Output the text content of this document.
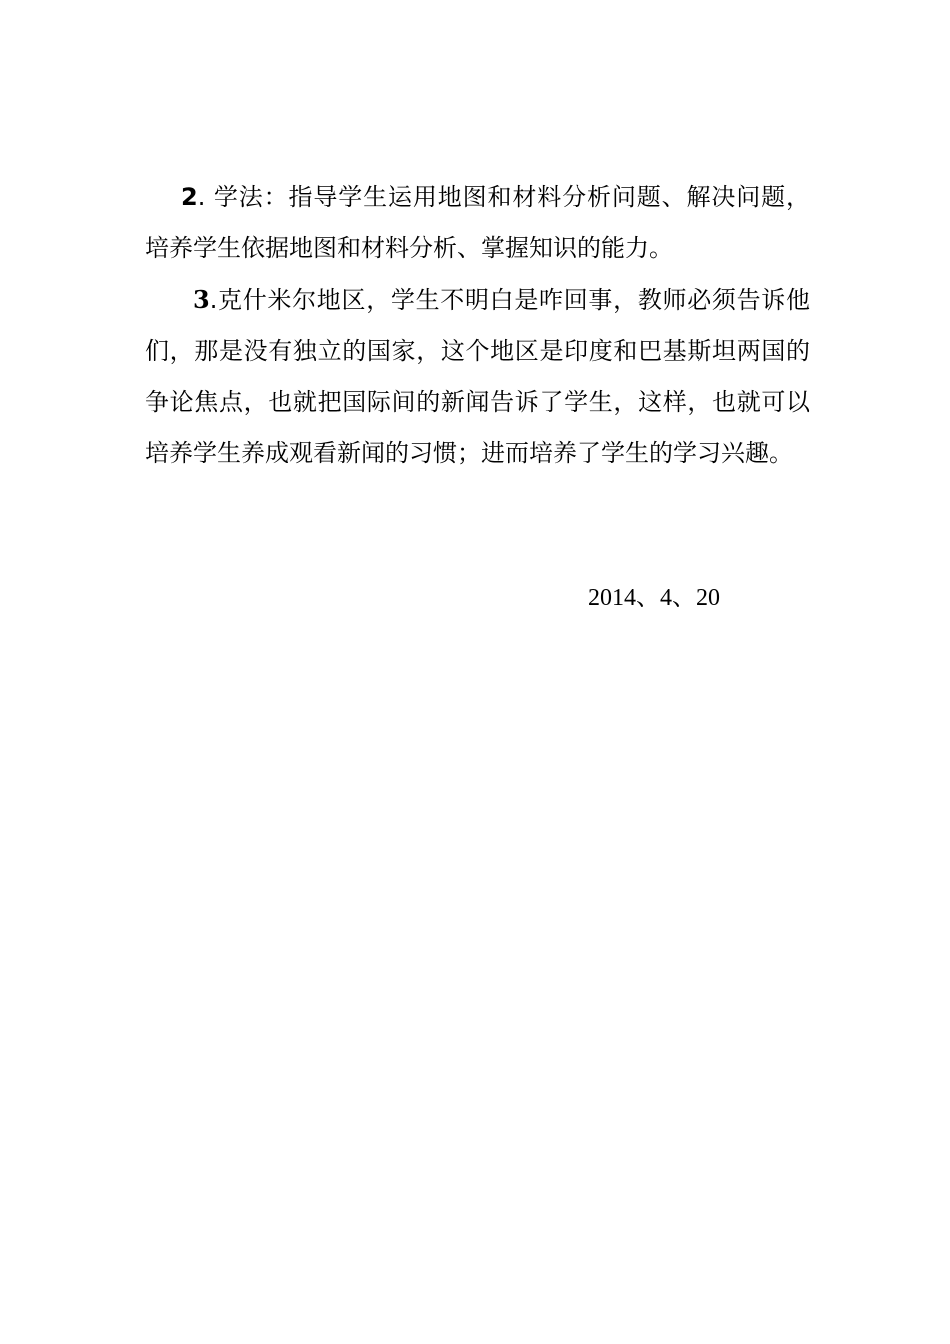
2. 学法：指导学生运用地图和材料分析问题、解决问题，培养学生依据地图和材料分析、掌握知识的能力。

3.克什米尔地区，学生不明白是咋回事，教师必须告诉他们，那是没有独立的国家，这个地区是印度和巴基斯坦两国的争论焦点，也就把国际间的新闻告诉了学生，这样，也就可以培养学生养成观看新闻的习惯；进而培养了学生的学习兴趣。

2014、4、20
